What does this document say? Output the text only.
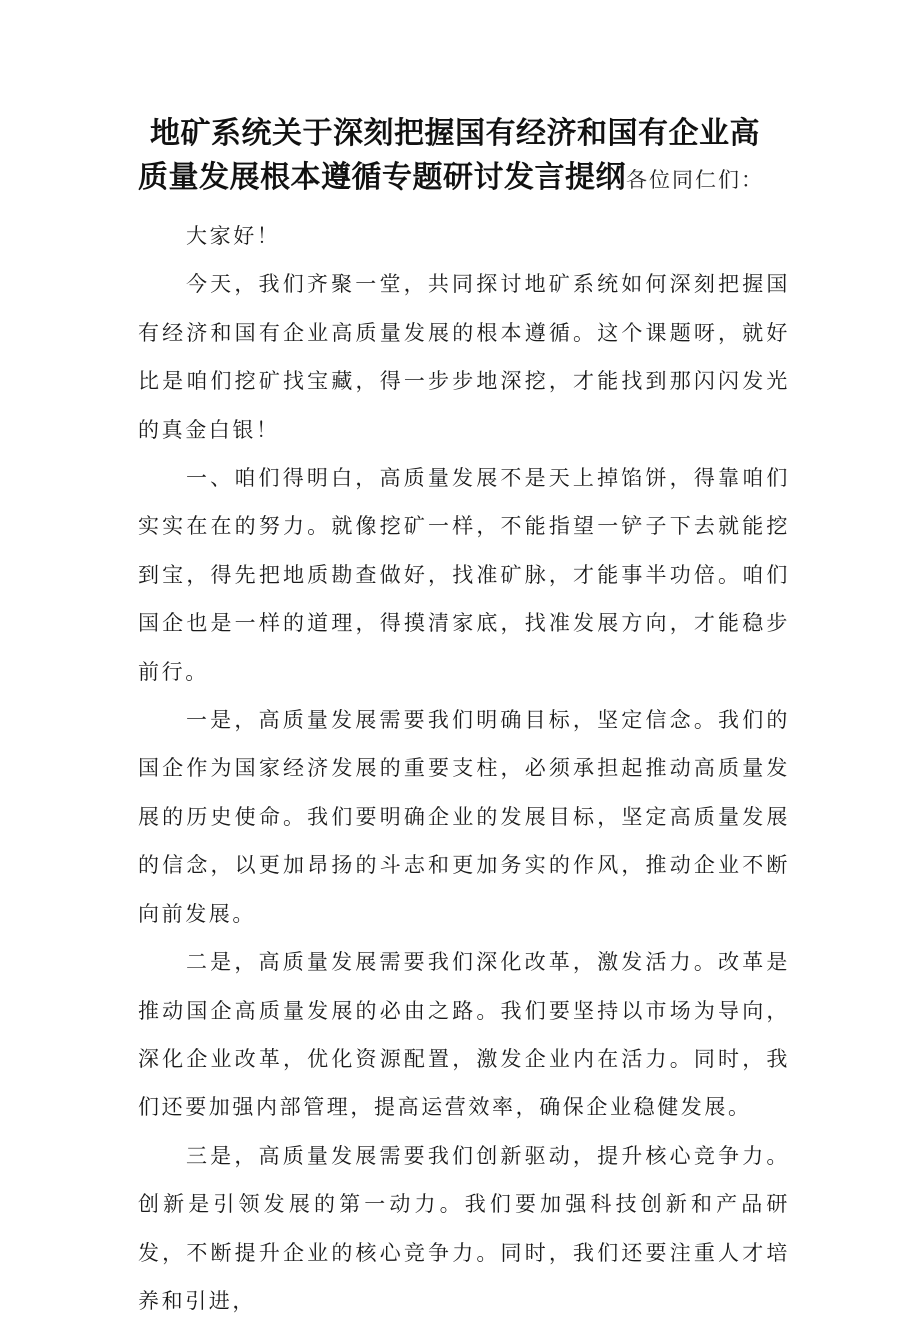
地矿系统关于深刻把握国有经济和国有企业高
质量发展根本遵循专题研讨发言提纲各位同仁们：

大家好！

今天，我们齐聚一堂，共同探讨地矿系统如何深刻把握国有经济和国有企业高质量发展的根本遵循。这个课题呀，就好比是咱们挖矿找宝藏，得一步步地深挖，才能找到那闪闪发光的真金白银！

一、咱们得明白，高质量发展不是天上掉馅饼，得靠咱们实实在在的努力。就像挖矿一样，不能指望一铲子下去就能挖到宝，得先把地质勘查做好，找准矿脉，才能事半功倍。咱们国企也是一样的道理，得摸清家底，找准发展方向，才能稳步前行。

一是，高质量发展需要我们明确目标，坚定信念。我们的国企作为国家经济发展的重要支柱，必须承担起推动高质量发展的历史使命。我们要明确企业的发展目标，坚定高质量发展的信念，以更加昂扬的斗志和更加务实的作风，推动企业不断向前发展。

二是，高质量发展需要我们深化改革，激发活力。改革是推动国企高质量发展的必由之路。我们要坚持以市场为导向，深化企业改革，优化资源配置，激发企业内在活力。同时，我们还要加强内部管理，提高运营效率，确保企业稳健发展。

三是，高质量发展需要我们创新驱动，提升核心竞争力。创新是引领发展的第一动力。我们要加强科技创新和产品研发，不断提升企业的核心竞争力。同时，我们还要注重人才培养和引进，
